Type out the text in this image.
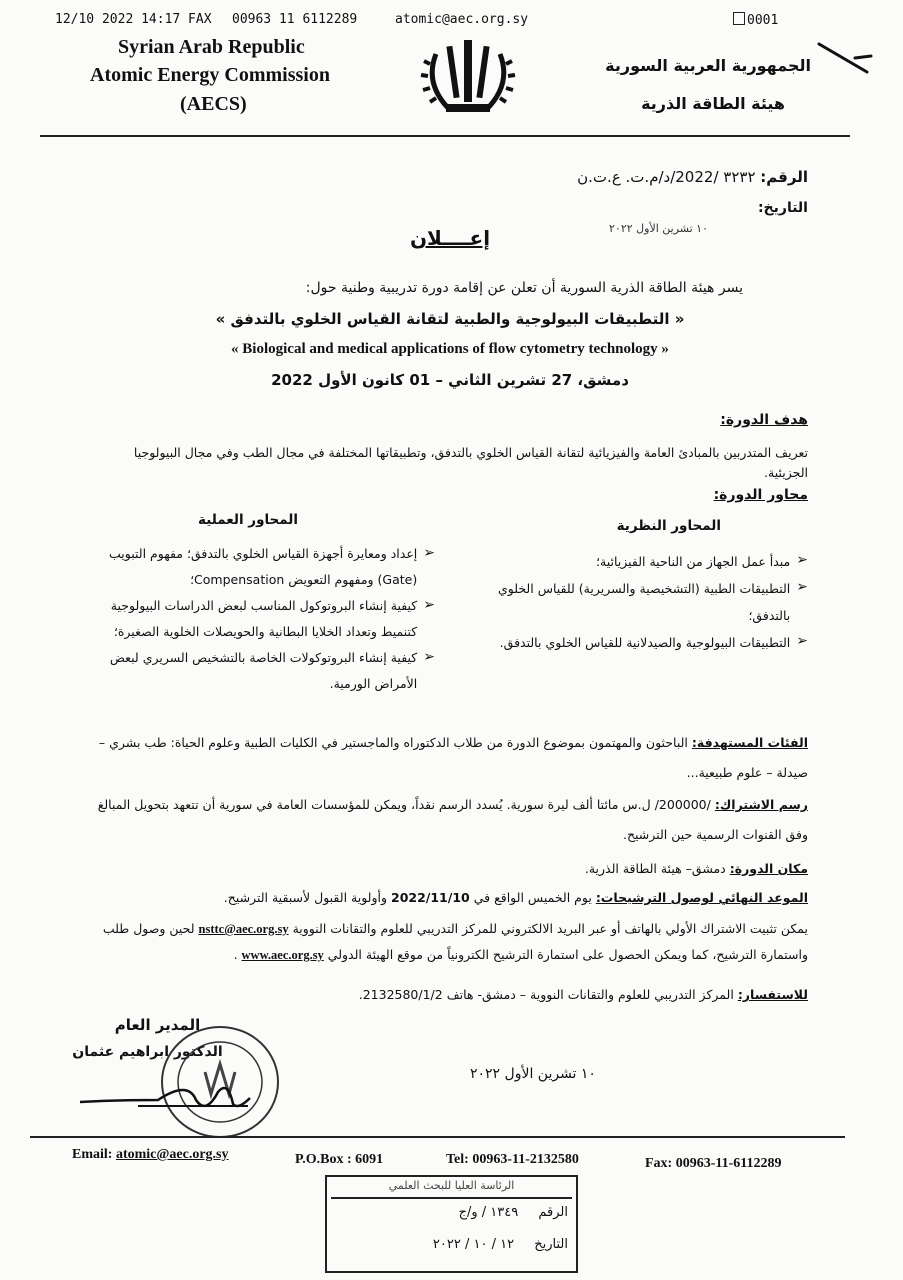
12/10 2022 14:17 FAX 00963 11 6112289	atomic@aec.org.sy	0001
Syrian Arab Republic
Atomic Energy Commission
(AECS)
الجمهورية العربية السورية
هيئة الطاقة الذرية
الرقم: ٣٢٣٢ /2022/د/م.ت. ع.ت.ن
التاريخ:
١٠ تشرين الأول ٢٠٢٢
إعــــلان
يسر هيئة الطاقة الذرية السورية أن تعلن عن إقامة دورة تدريبية وطنية حول:
« التطبيقات البيولوجية والطبية لتقانة القياس الخلوي بالتدفق »
« Biological and medical applications of flow cytometry technology »
دمشق، 27 تشرين الثاني – 01 كانون الأول 2022
هدف الدورة:
تعريف المتدربين بالمبادئ العامة والفيزيائية لتقانة القياس الخلوي بالتدفق، وتطبيقاتها المختلفة في مجال الطب وفي مجال البيولوجيا الجزيئية.
محاور الدورة:
المحاور النظرية
➢
مبدأ عمل الجهاز من الناحية الفيزيائية؛
➢
التطبيقات الطبية (التشخيصية والسريرية) للقياس الخلوي بالتدفق؛
➢
التطبيقات البيولوجية والصيدلانية للقياس الخلوي بالتدفق.
المحاور العملية
➢
إعداد ومعايرة أجهزة القياس الخلوي بالتدفق؛ مفهوم التبويب (Gate) ومفهوم التعويض Compensation؛
➢
كيفية إنشاء البروتوكول المناسب لبعض الدراسات البيولوجية كتنميط وتعداد الخلايا البطانية والحويصلات الخلوية الصغيرة؛
➢
كيفية إنشاء البروتوكولات الخاصة بالتشخيص السريري لبعض الأمراض الورمية.
الفئات المستهدفة: الباحثون والمهتمون بموضوع الدورة من طلاب الدكتوراه والماجستير في الكليات الطبية وعلوم الحياة: طب بشري – صيدلة – علوم طبيعية...
رسم الاشتراك: /200000/ ل.س مائتا ألف ليرة سورية. يُسدد الرسم نقداً، ويمكن للمؤسسات العامة في سورية أن تتعهد بتحويل المبالغ وفق القنوات الرسمية حين الترشيح.
مكان الدورة: دمشق– هيئة الطاقة الذرية.
الموعد النهائي لوصول الترشيحات: يوم الخميس الواقع في 2022/11/10 وأولوية القبول لأسبقية الترشيح.
يمكن تثبيت الاشتراك الأولي بالهاتف أو عبر البريد الالكتروني للمركز التدريبي للعلوم والتقانات النووية nsttc@aec.org.sy لحين وصول طلب واستمارة الترشيح، كما ويمكن الحصول على استمارة الترشيح الكترونياً من موقع الهيئة الدولي www.aec.org.sy .
للاستفسار: المركز التدريبي للعلوم والتقانات النووية – دمشق- هاتف 2132580/1/2.
المدير العام
الدكتور ابراهيم عثمان
١٠ تشرين الأول ٢٠٢٢
Email: atomic@aec.org.sy	P.O.Box : 6091	Tel: 00963-11-2132580	Fax: 00963-11-6112289
الرئاسة العليا للبحث العلمي
الرقم ١٣٤٩ / و/ج
التاريخ ١٢ / ١٠ / ٢٠٢٢
